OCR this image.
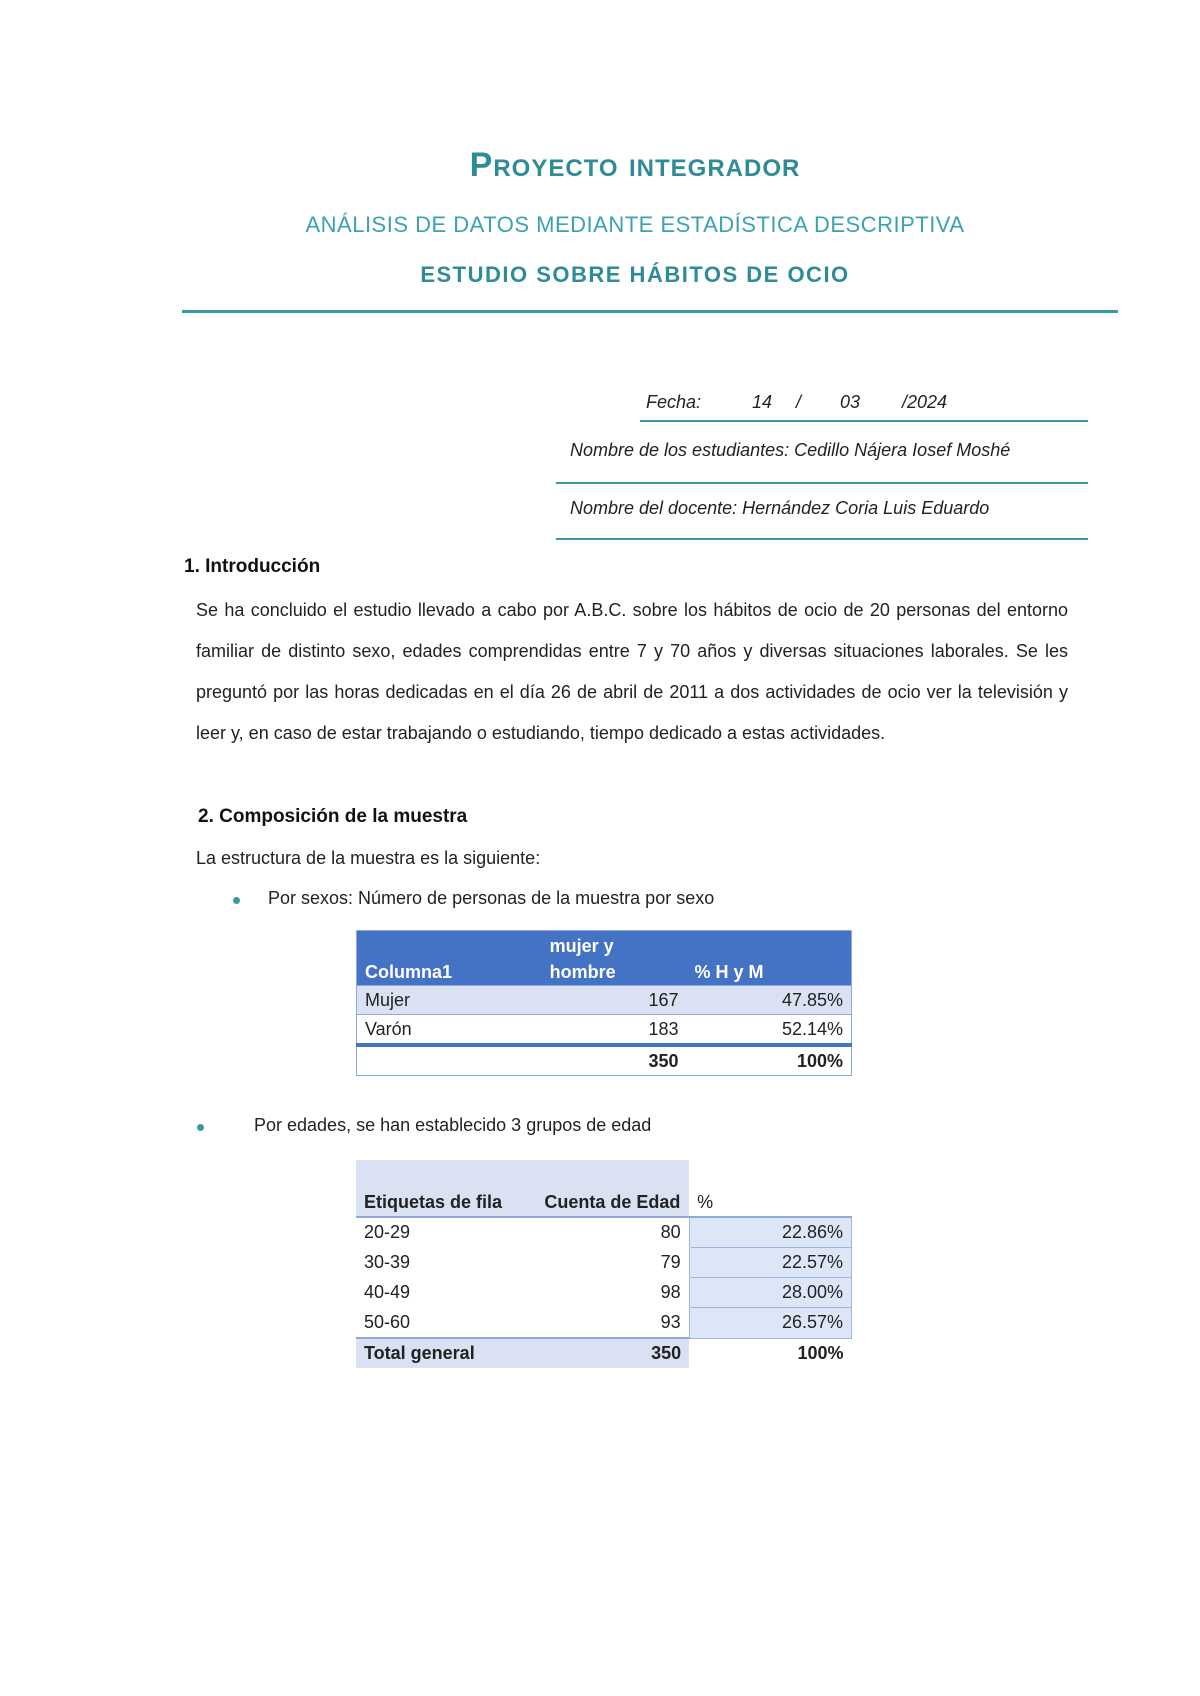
Proyecto integrador
ANÁLISIS DE DATOS MEDIANTE ESTADÍSTICA DESCRIPTIVA
ESTUDIO SOBRE HÁBITOS DE OCIO
Fecha:	14 / 03 /2024
Nombre de los estudiantes: Cedillo Nájera Iosef Moshé
Nombre del docente: Hernández Coria Luis Eduardo
1. Introducción
Se ha concluido el estudio llevado a cabo por A.B.C. sobre los hábitos de ocio de 20 personas del entorno familiar de distinto sexo, edades comprendidas entre 7 y 70 años y diversas situaciones laborales. Se les preguntó por las horas dedicadas en el día 26 de abril de 2011 a dos actividades de ocio ver la televisión y leer y, en caso de estar trabajando o estudiando, tiempo dedicado a estas actividades.
2. Composición de la muestra
La estructura de la muestra es la siguiente:
Por sexos: Número de personas de la muestra por sexo
Columna1	mujer y hombre	% H y M
Mujer	167	47.85%
Varón	183	52.14%
	350	100%
Por edades, se han establecido 3 grupos de edad
Etiquetas de fila	Cuenta de Edad	%
20-29	80	22.86%
30-39	79	22.57%
40-49	98	28.00%
50-60	93	26.57%
Total general	350	100%
